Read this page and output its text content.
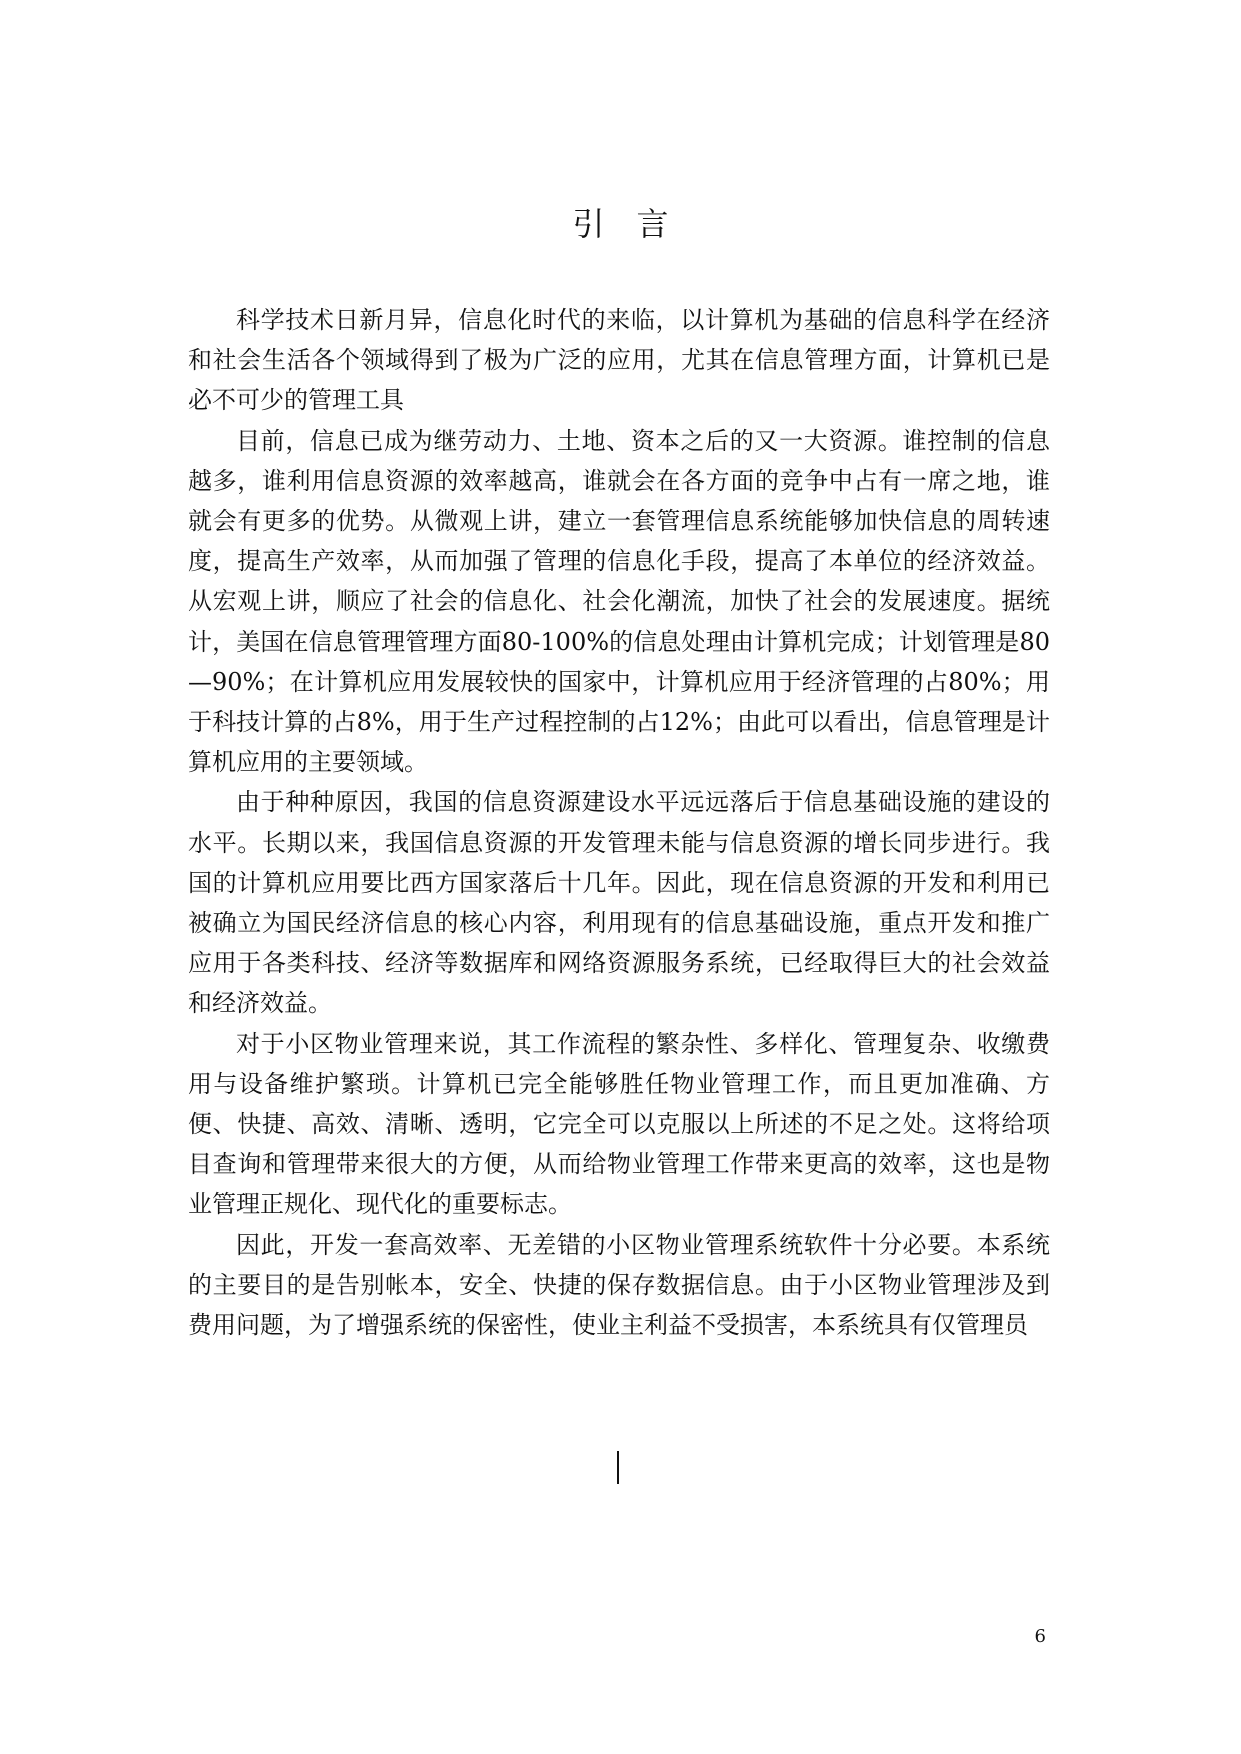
引　言

科学技术日新月异，信息化时代的来临，以计算机为基础的信息科学在经济和社会生活各个领域得到了极为广泛的应用，尤其在信息管理方面，计算机已是必不可少的管理工具

目前，信息已成为继劳动力、土地、资本之后的又一大资源。谁控制的信息越多，谁利用信息资源的效率越高，谁就会在各方面的竞争中占有一席之地，谁就会有更多的优势。从微观上讲，建立一套管理信息系统能够加快信息的周转速度，提高生产效率，从而加强了管理的信息化手段，提高了本单位的经济效益。从宏观上讲，顺应了社会的信息化、社会化潮流，加快了社会的发展速度。据统计，美国在信息管理管理方面80-100%的信息处理由计算机完成；计划管理是80—90%；在计算机应用发展较快的国家中，计算机应用于经济管理的占80%；用于科技计算的占8%，用于生产过程控制的占12%；由此可以看出，信息管理是计算机应用的主要领域。

由于种种原因，我国的信息资源建设水平远远落后于信息基础设施的建设的水平。长期以来，我国信息资源的开发管理未能与信息资源的增长同步进行。我国的计算机应用要比西方国家落后十几年。因此，现在信息资源的开发和利用已被确立为国民经济信息的核心内容，利用现有的信息基础设施，重点开发和推广应用于各类科技、经济等数据库和网络资源服务系统，已经取得巨大的社会效益和经济效益。

对于小区物业管理来说，其工作流程的繁杂性、多样化、管理复杂、收缴费用与设备维护繁琐。计算机已完全能够胜任物业管理工作，而且更加准确、方便、快捷、高效、清晰、透明，它完全可以克服以上所述的不足之处。这将给项目查询和管理带来很大的方便，从而给物业管理工作带来更高的效率，这也是物业管理正规化、现代化的重要标志。

因此，开发一套高效率、无差错的小区物业管理系统软件十分必要。本系统的主要目的是告别帐本，安全、快捷的保存数据信息。由于小区物业管理涉及到费用问题，为了增强系统的保密性，使业主利益不受损害，本系统具有仅管理员

6
